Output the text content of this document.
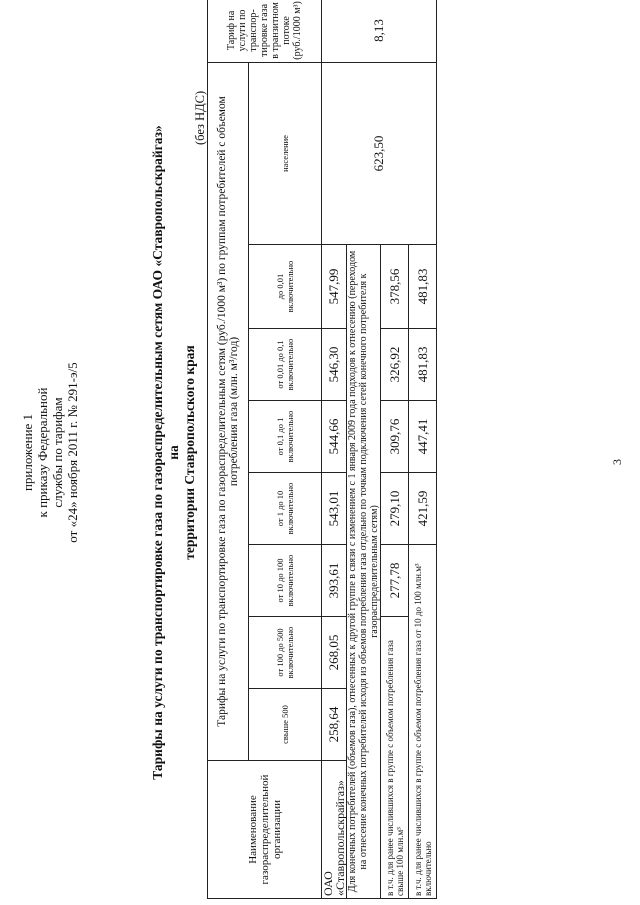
приложение 1 к приказу Федеральной службы по тарифам от «24» ноября 2011 г. № 291-э/5	Тарифы на услуги по транспортировке газа по газораспределительным сетям ОАО «Ставропольcкрайгаз» на территории Ставропольского края
(без НДС)
Наименование газораспределительной организации	Тарифы на услуги по транспортировке газа по газораспределительным сетям (руб./1000 м³) по группам потребителей с объемом потребления газа (млн. м³/год)								Тариф на услуги по транспор-тировке газа в транзитном потоке (руб./1000 м³)
	свыше 500	от 100 до 500 включительно	от 10 до 100 включительно	от 1 до 10 включительно	от 0,1 до 1 включительно	от 0,01 до 0,1 включительно	до 0,01 включительно	население	
ОАО «Ставропольcкрайгаз»	258,64	268,05	393,61	543,01	544,66	546,30	547,99	623,50	8,13
Для конечных потребителей (объемов газа), отнесенных к другой группе в связи с изменением с 1 января 2009 года подходов к отнесению (переходом на отнесение конечных потребителей исходя из объемов потребления газа отдельно по точкам подключения сетей конечного потребителя к газораспределительным сетям)									
в т.ч. для ранее числившихся в группе с объемом потребления газа свыше 100 млн.м³			277,78	279,10	309,76	326,92	378,56		
в т.ч. для ранее числившихся в группе с объемом потребления газа от 10 до 100 млн.м³ включительно				421,59	447,41	481,83	481,83		
3
